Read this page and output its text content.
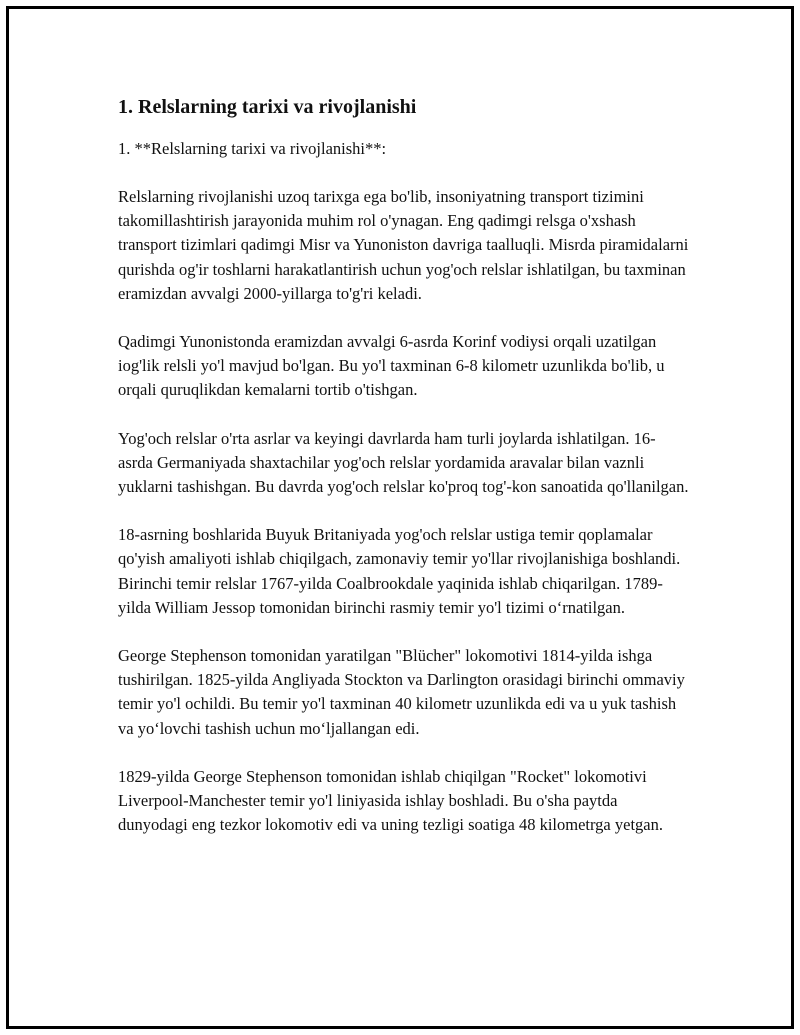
1. Relslarning tarixi va rivojlanishi

1. **Relslarning tarixi va rivojlanishi**:

Relslarning rivojlanishi uzoq tarixga ega bo'lib, insoniyatning transport tizimini takomillashtirish jarayonida muhim rol o'ynagan. Eng qadimgi relsga o'xshash transport tizimlari qadimgi Misr va Yunoniston davriga taalluqli. Misrda piramidalarni qurishda og'ir toshlarni harakatlantirish uchun yog'och relslar ishlatilgan, bu taxminan eramizdan avvalgi 2000-yillarga to'g'ri keladi.

Qadimgi Yunonistonda eramizdan avvalgi 6-asrda Korinf vodiysi orqali uzatilgan iog'lik relsli yo'l mavjud bo'lgan. Bu yo'l taxminan 6-8 kilometr uzunlikda bo'lib, u orqali quruqlikdan kemalarni tortib o'tishgan.

Yog'och relslar o'rta asrlar va keyingi davrlarda ham turli joylarda ishlatilgan. 16-asrda Germaniyada shaxtachilar yog'och relslar yordamida aravalar bilan vaznli yuklarni tashishgan. Bu davrda yog'och relslar ko'proq tog'-kon sanoatida qo'llanilgan.

18-asrning boshlarida Buyuk Britaniyada yog'och relslar ustiga temir qoplamalar qo'yish amaliyoti ishlab chiqilgach, zamonaviy temir yo'llar rivojlanishiga boshlandi. Birinchi temir relslar 1767-yilda Coalbrookdale yaqinida ishlab chiqarilgan. 1789-yilda William Jessop tomonidan birinchi rasmiy temir yo'l tizimi o‘rnatilgan.

George Stephenson tomonidan yaratilgan "Blücher" lokomotivi 1814-yilda ishga tushirilgan. 1825-yilda Angliyada Stockton va Darlington orasidagi birinchi ommaviy temir yo'l ochildi. Bu temir yo'l taxminan 40 kilometr uzunlikda edi va u yuk tashish va yo‘lovchi tashish uchun mo‘ljallangan edi.

1829-yilda George Stephenson tomonidan ishlab chiqilgan "Rocket" lokomotivi Liverpool-Manchester temir yo'l liniyasida ishlay boshladi. Bu o'sha paytda dunyodagi eng tezkor lokomotiv edi va uning tezligi soatiga 48 kilometrga yetgan.
